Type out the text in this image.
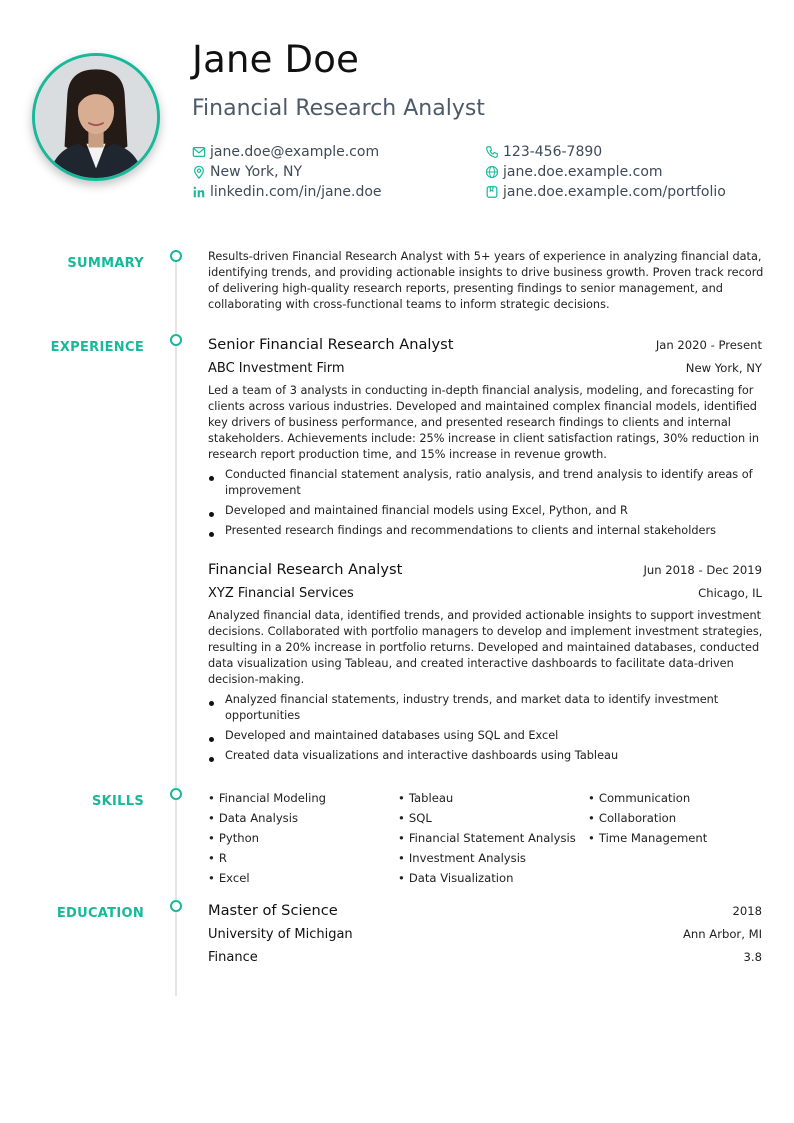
Jane Doe
Financial Research Analyst
jane.doe@example.com	123-456-7890
New York, NY	jane.doe.example.com
linkedin.com/in/jane.doe	jane.doe.example.com/portfolio
SUMMARY	Results-driven Financial Research Analyst with 5+ years of experience in analyzing financial data, identifying trends, and providing actionable insights to drive business growth. Proven track record of delivering high-quality research reports, presenting findings to senior management, and collaborating with cross-functional teams to inform strategic decisions.
EXPERIENCE	Senior Financial Research Analyst	Jan 2020 - Present
ABC Investment Firm	New York, NY
Led a team of 3 analysts in conducting in-depth financial analysis, modeling, and forecasting for clients across various industries. Developed and maintained complex financial models, identified key drivers of business performance, and presented research findings to clients and internal stakeholders. Achievements include: 25% increase in client satisfaction ratings, 30% reduction in research report production time, and 15% increase in revenue growth.
Conducted financial statement analysis, ratio analysis, and trend analysis to identify areas of improvement
Developed and maintained financial models using Excel, Python, and R
Presented research findings and recommendations to clients and internal stakeholders
Financial Research Analyst	Jun 2018 - Dec 2019
XYZ Financial Services	Chicago, IL
Analyzed financial data, identified trends, and provided actionable insights to support investment decisions. Collaborated with portfolio managers to develop and implement investment strategies, resulting in a 20% increase in portfolio returns. Developed and maintained databases, conducted data visualization using Tableau, and created interactive dashboards to facilitate data-driven decision-making.
Analyzed financial statements, industry trends, and market data to identify investment opportunities
Developed and maintained databases using SQL and Excel
Created data visualizations and interactive dashboards using Tableau
SKILLS
•	Financial Modeling
• Data Analysis
• Python
• R
• Excel
• Tableau
• SQL
• Financial Statement Analysis
• Investment Analysis
• Data Visualization
• Communication
• Collaboration
• Time Management
EDUCATION	Master of Science	2018
University of Michigan	Ann Arbor, MI
Finance	3.8
